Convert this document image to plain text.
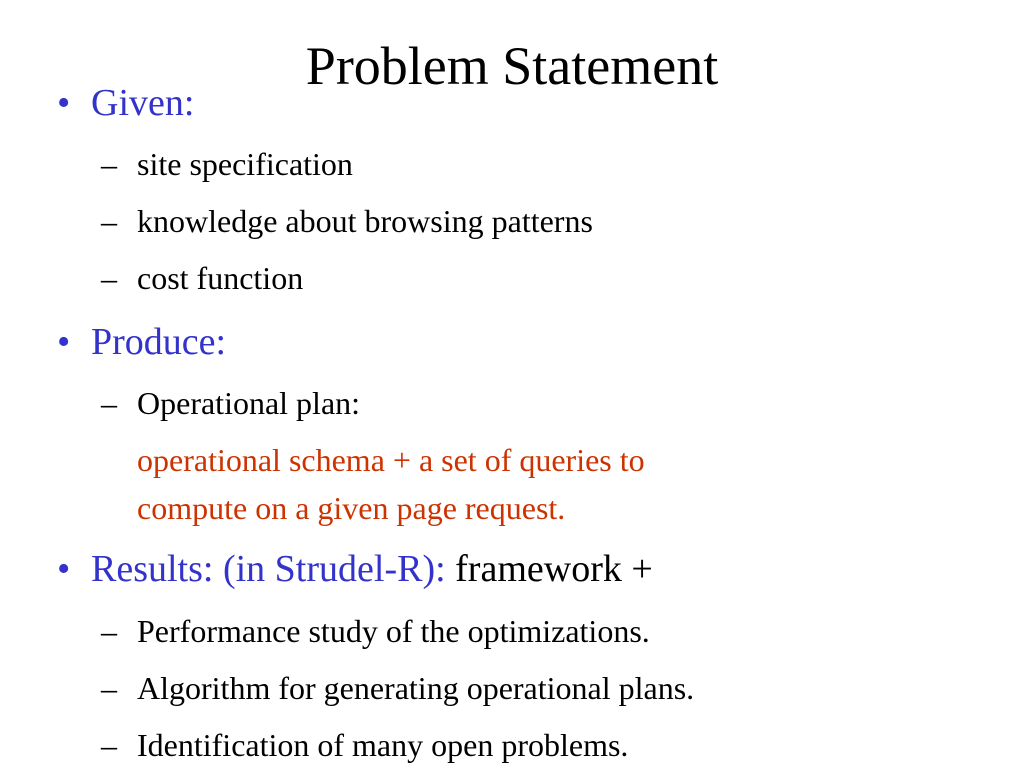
Problem Statement
• Given:
– site specification
– knowledge about browsing patterns
– cost function
• Produce:
– Operational plan:
operational schema + a set of queries to
compute on a given page request.
• Results: (in Strudel-R): framework +
– Performance study of the optimizations.
– Algorithm for generating operational plans.
– Identification of many open problems.
